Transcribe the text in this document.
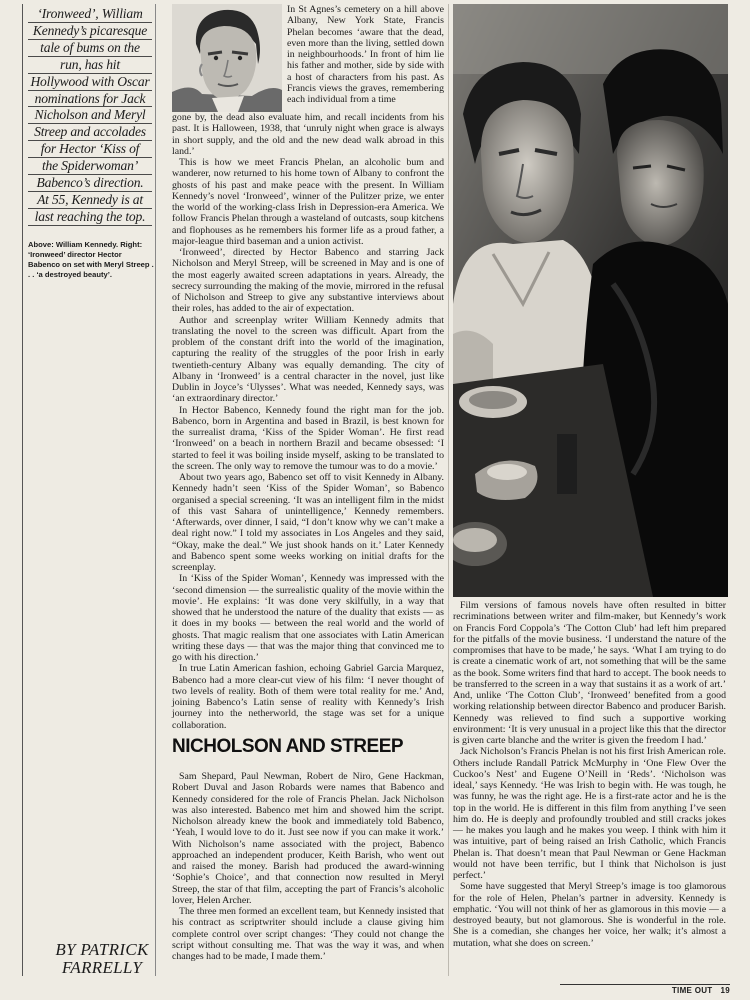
‘Ironweed’, William
Kennedy’s picaresque
tale of bums on the
run, has hit
Hollywood with Oscar
nominations for Jack
Nicholson and Meryl
Streep and accolades
for Hector ‘Kiss of
the Spiderwoman’
Babenco’s direction.
At 55, Kennedy is at
last reaching the top.
Above: William Kennedy. Right: ‘Ironweed’ director Hector Babenco on set with Meryl Streep . . . ‘a destroyed beauty’.
BY PATRICK
FARRELLY

In St Agnes’s cemetery on a hill above Albany, New York State, Francis Phelan becomes ‘aware that the dead, even more than the living, settled down in neighbourhoods.’ In front of him lie his father and mother, side by side with a host of characters from his past. As Francis views the graves, remembering each individual from a time

gone by, the dead also evaluate him, and recall incidents from his past. It is Halloween, 1938, that ‘unruly night when grace is always in short supply, and the old and the new dead walk abroad in this land.’

This is how we meet Francis Phelan, an alcoholic bum and wanderer, now returned to his home town of Albany to confront the ghosts of his past and make peace with the present. In William Kennedy’s novel ‘Ironweed’, winner of the Pulitzer prize, we enter the world of the working-class Irish in Depression-era America. We follow Francis Phelan through a wasteland of outcasts, soup kitchens and flophouses as he remembers his former life as a proud father, a major-league third baseman and a union activist.

‘Ironweed’, directed by Hector Babenco and starring Jack Nicholson and Meryl Streep, will be screened in May and is one of the most eagerly awaited screen adaptations in years. Already, the secrecy surrounding the making of the movie, mirrored in the refusal of Nicholson and Streep to give any substantive interviews about their roles, has added to the air of expectation.

Author and screenplay writer William Kennedy admits that translating the novel to the screen was difficult. Apart from the problem of the constant drift into the world of the imagination, capturing the reality of the struggles of the poor Irish in early twentieth-century Albany was equally demanding. The city of Albany in ‘Ironweed’ is a central character in the novel, just like Dublin in Joyce’s ‘Ulysses’. What was needed, Kennedy says, was ‘an extraordinary director.’

In Hector Babenco, Kennedy found the right man for the job. Babenco, born in Argentina and based in Brazil, is best known for the surrealist drama, ‘Kiss of the Spider Woman’. He first read ‘Ironweed’ on a beach in northern Brazil and became obsessed: ‘I started to feel it was boiling inside myself, asking to be translated to the screen. The only way to remove the tumour was to do a movie.’

About two years ago, Babenco set off to visit Kennedy in Albany. Kennedy hadn’t seen ‘Kiss of the Spider Woman’, so Babenco organised a special screening. ‘It was an intelligent film in the midst of this vast Sahara of unintelligence,’ Kennedy remembers. ‘Afterwards, over dinner, I said, “I don’t know why we can’t make a deal right now.” I told my associates in Los Angeles and they said, “Okay, make the deal.” We just shook hands on it.’ Later Kennedy and Babenco spent some weeks working on initial drafts for the screenplay.

In ‘Kiss of the Spider Woman’, Kennedy was impressed with the ‘second dimension — the surrealistic quality of the movie within the movie’. He explains: ‘It was done very skilfully, in a way that showed that he understood the nature of the duality that exists — as it does in my books — between the real world and the world of ghosts. That magic realism that one associates with Latin American writing these days — that was the major thing that convinced me to go with his direction.’

In true Latin American fashion, echoing Gabriel Garcia Marquez, Babenco had a more clear-cut view of his film: ‘I never thought of two levels of reality. Both of them were total reality for me.’ And, joining Babenco’s Latin sense of reality with Kennedy’s Irish journey into the netherworld, the stage was set for a unique collaboration.

NICHOLSON AND STREEP

Sam Shepard, Paul Newman, Robert de Niro, Gene Hackman, Robert Duval and Jason Robards were names that Babenco and Kennedy considered for the role of Francis Phelan. Jack Nicholson was also interested. Babenco met him and showed him the script. Nicholson already knew the book and immediately told Babenco, ‘Yeah, I would love to do it. Just see now if you can make it work.’ With Nicholson’s name associated with the project, Babenco approached an independent producer, Keith Barish, who went out and raised the money. Barish had produced the award-winning ‘Sophie’s Choice’, and that connection now resulted in Meryl Streep, the star of that film, accepting the part of Francis’s alcoholic lover, Helen Archer.

The three men formed an excellent team, but Kennedy insisted that his contract as scriptwriter should include a clause giving him complete control over script changes: ‘They could not change the script without consulting me. That was the way it was, and when changes had to be made, I made them.’

Film versions of famous novels have often resulted in bitter recriminations between writer and film-maker, but Kennedy’s work on Francis Ford Coppola’s ‘The Cotton Club’ had left him prepared for the pitfalls of the movie business. ‘I understand the nature of the compromises that have to be made,’ he says. ‘What I am trying to do is create a cinematic work of art, not something that will be the same as the book. Some writers find that hard to accept. The book needs to be transferred to the screen in a way that sustains it as a work of art.’ And, unlike ‘The Cotton Club’, ‘Ironweed’ benefited from a good working relationship between director Babenco and producer Barish. Kennedy was relieved to find such a supportive working environment: ‘It is very unusual in a project like this that the director is given carte blanche and the writer is given the freedom I had.’

Jack Nicholson’s Francis Phelan is not his first Irish American role. Others include Randall Patrick McMurphy in ‘One Flew Over the Cuckoo’s Nest’ and Eugene O’Neill in ‘Reds’. ‘Nicholson was ideal,’ says Kennedy. ‘He was Irish to begin with. He was tough, he was funny, he was the right age. He is a first-rate actor and he is the top in the world. He is different in this film from anything I’ve seen him do. He is deeply and profoundly troubled and still cracks jokes — he makes you laugh and he makes you weep. I think with him it was intuitive, part of being raised an Irish Catholic, which Francis Phelan is. That doesn’t mean that Paul Newman or Gene Hackman would not have been terrific, but I think that Nicholson is just perfect.’

Some have suggested that Meryl Streep’s image is too glamorous for the role of Helen, Phelan’s partner in adversity. Kennedy is emphatic. ‘You will not think of her as glamorous in this movie — a destroyed beauty, but not glamorous. She is wonderful in the role. She is a comedian, she changes her voice, her walk; it’s almost a mutation, what she does on screen.’

TIME OUT 19
